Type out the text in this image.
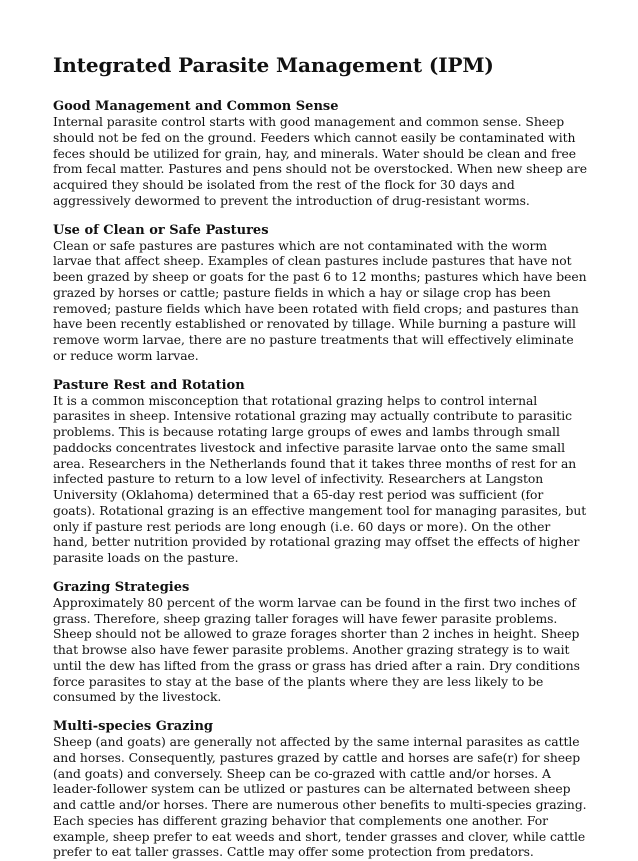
Integrated Parasite Management (IPM)
Good Management and Common Sense

Internal parasite control starts with good management and common sense. Sheep should not be fed on the ground. Feeders which cannot easily be contaminated with feces should be utilized for grain, hay, and minerals. Water should be clean and free from fecal matter. Pastures and pens should not be overstocked. When new sheep are acquired they should be isolated from the rest of the flock for 30 days and aggressively dewormed to prevent the introduction of drug-resistant worms.

Use of Clean or Safe Pastures

Clean or safe pastures are pastures which are not contaminated with the worm larvae that affect sheep. Examples of clean pastures include pastures that have not been grazed by sheep or goats for the past 6 to 12 months; pastures which have been grazed by horses or cattle; pasture fields in which a hay or silage crop has been removed; pasture fields which have been rotated with field crops; and pastures than have been recently established or renovated by tillage. While burning a pasture will remove worm larvae, there are no pasture treatments that will effectively eliminate or reduce worm larvae.

Pasture Rest and Rotation

It is a common misconception that rotational grazing helps to control internal parasites in sheep. Intensive rotational grazing may actually contribute to parasitic problems. This is because rotating large groups of ewes and lambs through small paddocks concentrates livestock and infective parasite larvae onto the same small area. Researchers in the Netherlands found that it takes three months of rest for an infected pasture to return to a low level of infectivity. Researchers at Langston University (Oklahoma) determined that a 65-day rest period was sufficient (for goats). Rotational grazing is an effective mangement tool for managing parasites, but only if pasture rest periods are long enough (i.e. 60 days or more). On the other hand, better nutrition provided by rotational grazing may offset the effects of higher parasite loads on the pasture.

Grazing Strategies

Approximately 80 percent of the worm larvae can be found in the first two inches of grass. Therefore, sheep grazing taller forages will have fewer parasite problems. Sheep should not be allowed to graze forages shorter than 2 inches in height. Sheep that browse also have fewer parasite problems. Another grazing strategy is to wait until the dew has lifted from the grass or grass has dried after a rain. Dry conditions force parasites to stay at the base of the plants where they are less likely to be consumed by the livestock.

Multi-species Grazing

Sheep (and goats) are generally not affected by the same internal parasites as cattle and horses. Consequently, pastures grazed by cattle and horses are safe(r) for sheep (and goats) and conversely. Sheep can be co-grazed with cattle and/or horses. A leader-follower system can be utlized or pastures can be alternated between sheep and cattle and/or horses. There are numerous other benefits to multi-species grazing. Each species has different grazing behavior that complements one another. For example, sheep prefer to eat weeds and short, tender grasses and clover, while cattle prefer to eat taller grasses. Cattle may offer some protection from predators.
